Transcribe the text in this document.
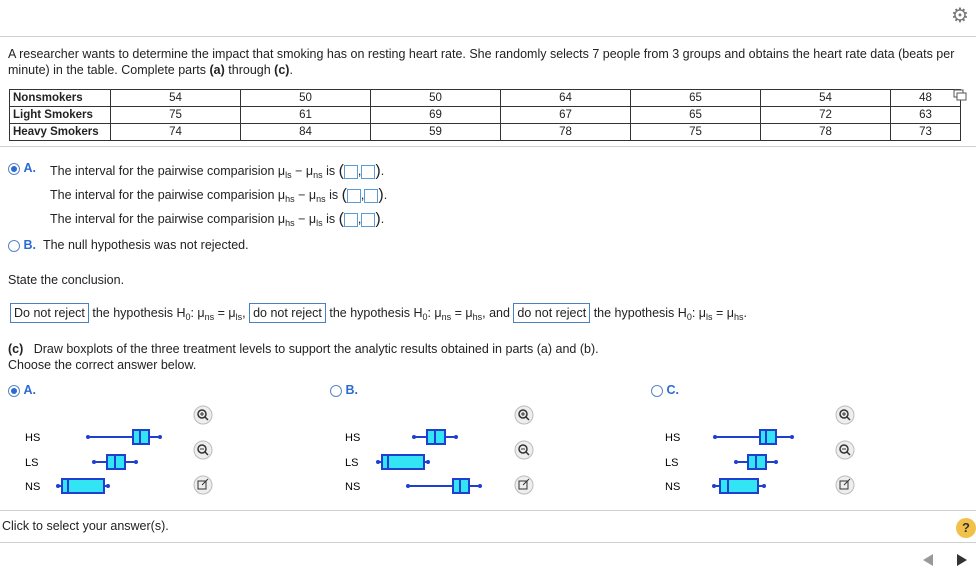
⚙
A researcher wants to determine the impact that smoking has on resting heart rate. She randomly selects 7 people from 3 groups and obtains the heart rate data (beats per minute) in the table. Complete parts (a) through (c).
Nonsmokers	54	50	50	64	65	54	48
Light Smokers	75	61	69	67	65	72	63
Heavy Smokers	74	84	59	78	75	78	73
A. The interval for the pairwise comparision $\mu_{ls} - \mu_{ns}$ is ( , ).
The interval for the pairwise comparision $\mu_{hs} - \mu_{ns}$ is ( , ).
The interval for the pairwise comparision $\mu_{hs} - \mu_{ls}$ is ( , ).
B. The null hypothesis was not rejected.
State the conclusion.
Do not reject the hypothesis $H_0$: $\mu_{ns} = \mu_{ls}$, do not reject the hypothesis $H_0$: $\mu_{ns} = \mu_{hs}$, and do not reject the hypothesis $H_0$: $\mu_{ls} = \mu_{hs}$.
(c) Draw boxplots of the three treatment levels to support the analytic results obtained in parts (a) and (b).
Choose the correct answer below.
A.	B.	C.
HS
LS
NS
HS
LS
NS
HS
LS
NS
Click to select your answer(s).	?
